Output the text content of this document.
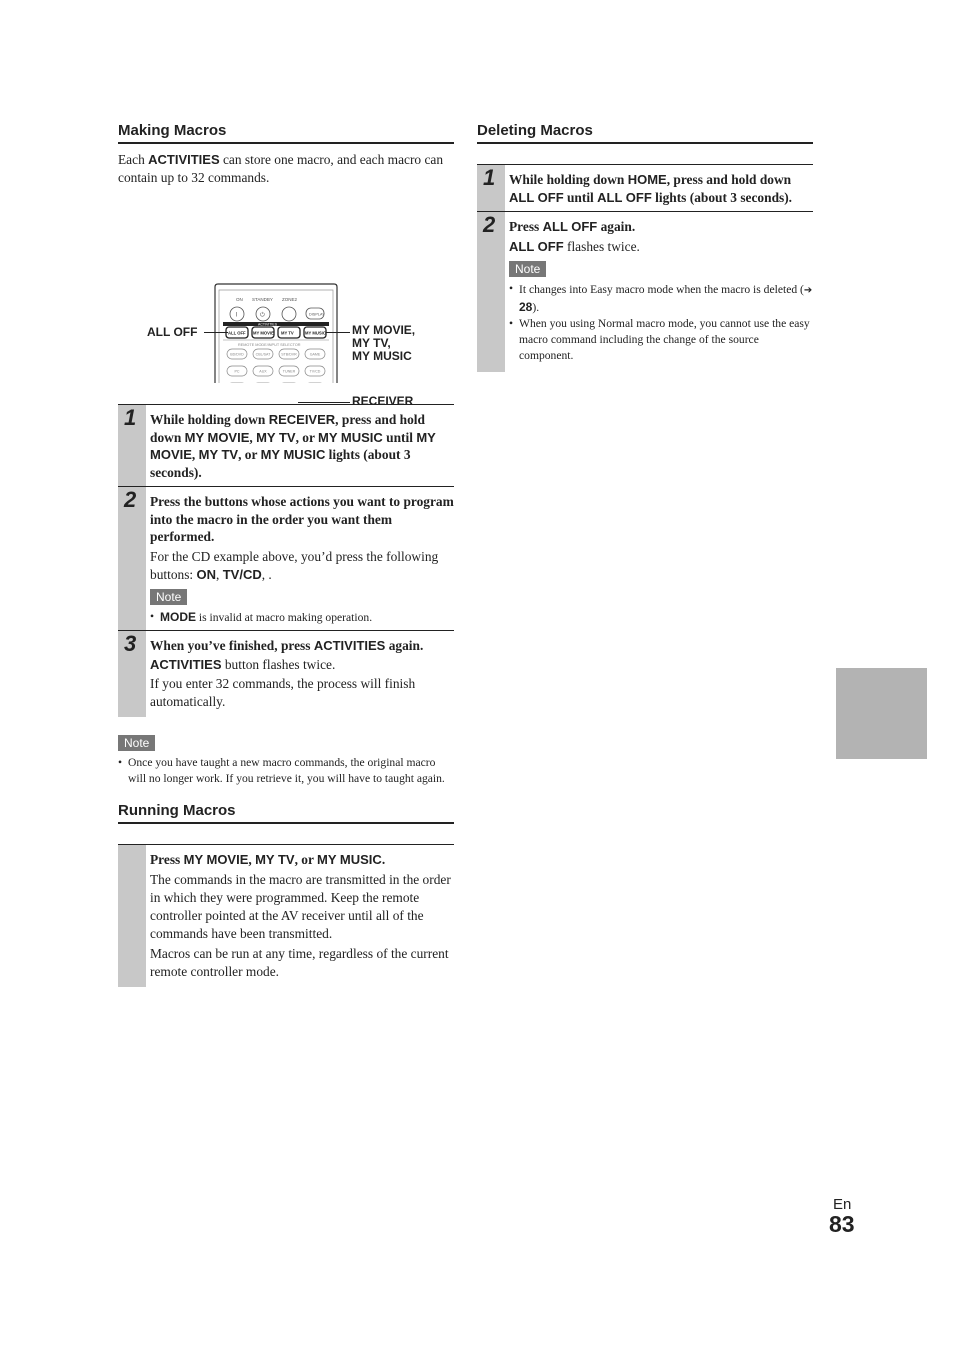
Making Macros

Each ACTIVITIES can store one macro, and each macro can contain up to 32 commands.

ON STANDBY ZONE2
I	⏻	DISPLAY
ACTIVITIES
ALL OFF MY MOVIE MY TV	MY MUSIC
REMOTE MODE/INPUT SELECTOR
BD/DVD	CBL/SAT	STB/DVR	GAME
PC	AUX	TUNER	TV/CD
ALL OFF	MY MOVIE,
MY TV,
MY MUSIC
RECEIVER
1 While holding down RECEIVER, press and hold down MY MOVIE, MY TV, or MY MUSIC until MY MOVIE, MY TV, or MY MUSIC lights (about 3 seconds).

2 Press the buttons whose actions you want to program into the macro in the order you want them performed.

For the CD example above, you’d press the following buttons: ON, TV/CD, .

Note
• MODE is invalid at macro making operation.
3 When you’ve finished, press ACTIVITIES again.

ACTIVITIES button flashes twice.

If you enter 32 commands, the process will finish automatically.

Note
• Once you have taught a new macro commands, the original macro will no longer work. If you retrieve it, you will have to taught again.
Running Macros

Press MY MOVIE, MY TV, or MY MUSIC.

The commands in the macro are transmitted in the order in which they were programmed. Keep the remote controller pointed at the AV receiver until all of the commands have been transmitted.

Macros can be run at any time, regardless of the current remote controller mode.

Deleting Macros
1 While holding down HOME, press and hold down ALL OFF until ALL OFF lights (about 3 seconds).

2 Press ALL OFF again.

ALL OFF flashes twice.

Note
• It changes into Easy macro mode when the macro is deleted (➔ 28).
• When you using Normal macro mode, you cannot use the easy macro command including the change of the source component.
En
83
